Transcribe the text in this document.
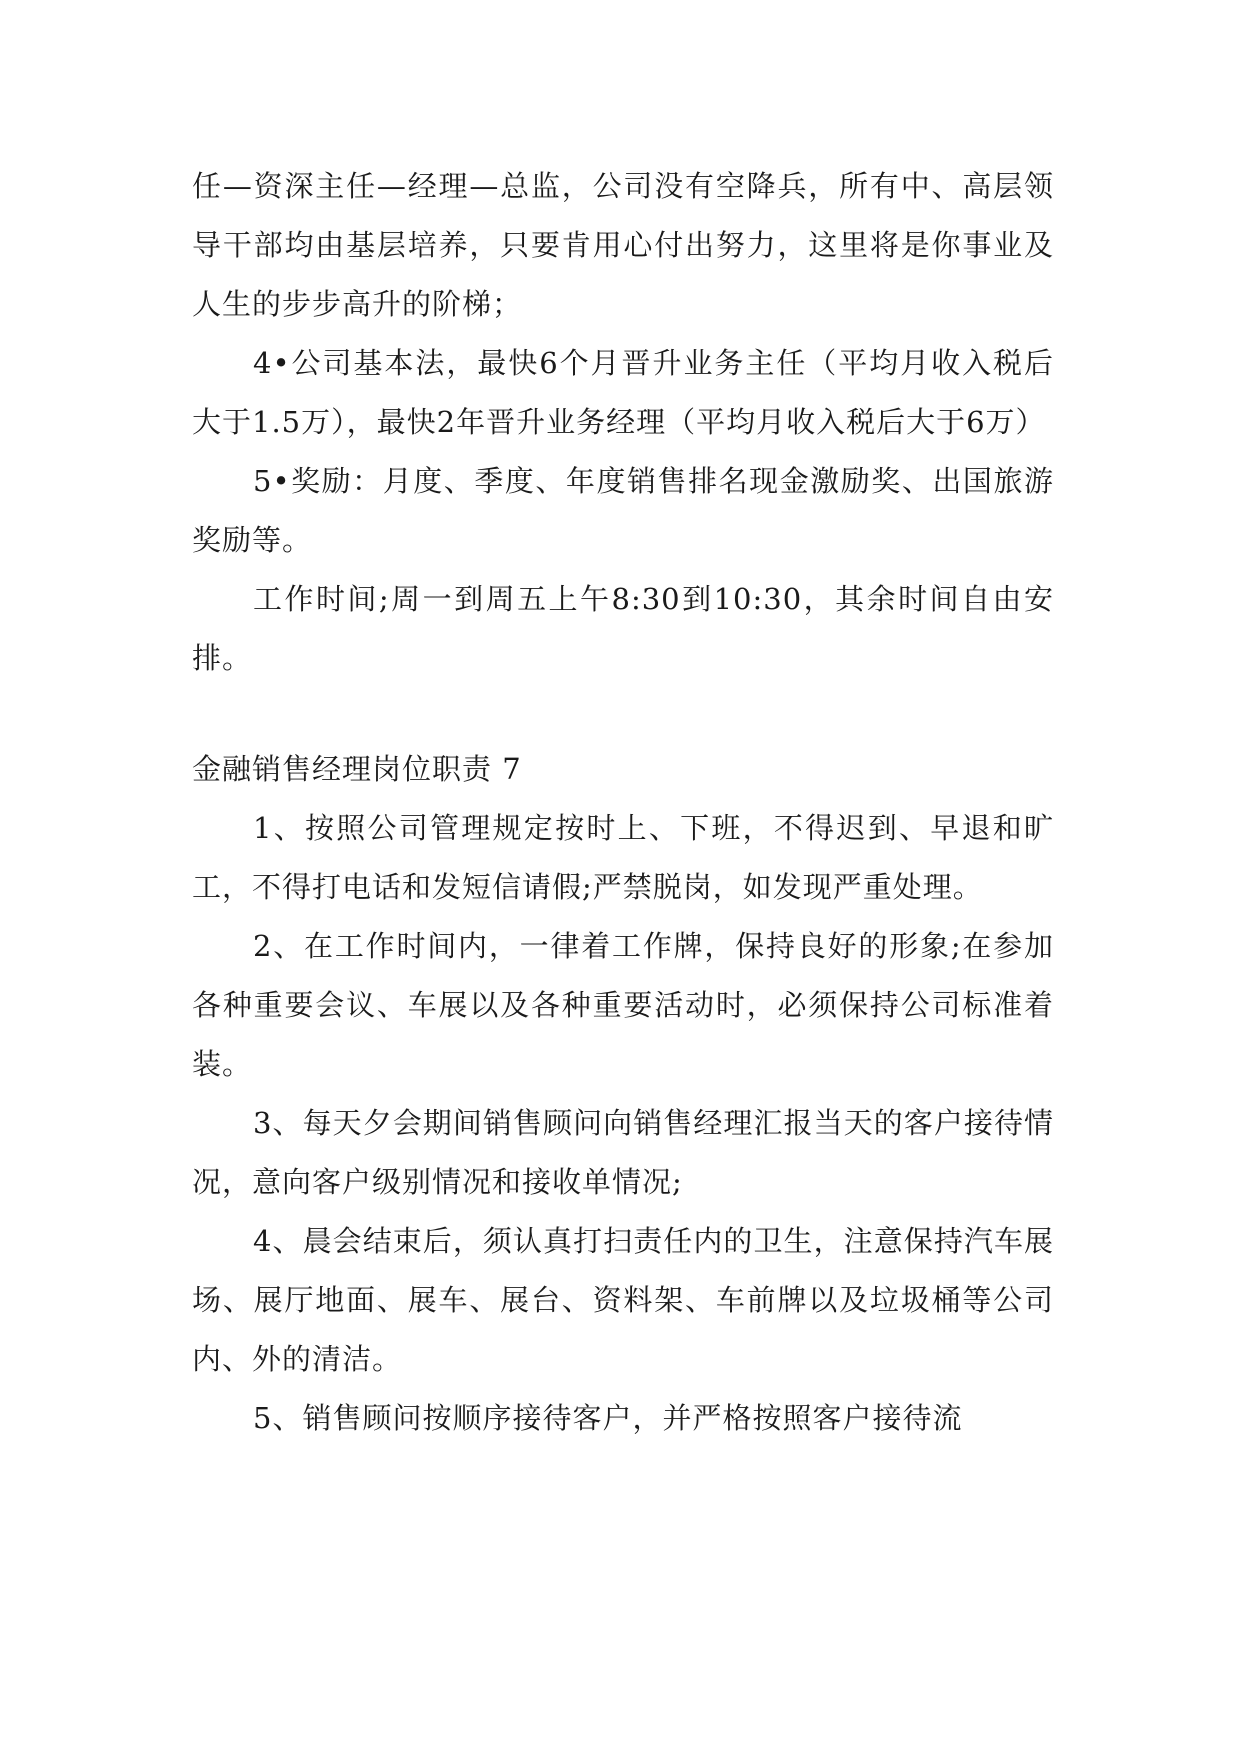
任—资深主任—经理—总监，公司没有空降兵，所有中、高层领导干部均由基层培养，只要肯用心付出努力，这里将是你事业及人生的步步高升的阶梯；

4•公司基本法，最快6个月晋升业务主任（平均月收入税后大于1.5万），最快2年晋升业务经理（平均月收入税后大于6万）

5•奖励：月度、季度、年度销售排名现金激励奖、出国旅游奖励等。

工作时间;周一到周五上午8:30到10:30，其余时间自由安排。

金融销售经理岗位职责 7

1、按照公司管理规定按时上、下班，不得迟到、早退和旷工，不得打电话和发短信请假;严禁脱岗，如发现严重处理。

2、在工作时间内，一律着工作牌，保持良好的形象;在参加各种重要会议、车展以及各种重要活动时，必须保持公司标准着装。

3、每天夕会期间销售顾问向销售经理汇报当天的客户接待情况，意向客户级别情况和接收单情况;

4、晨会结束后，须认真打扫责任内的卫生，注意保持汽车展场、展厅地面、展车、展台、资料架、车前牌以及垃圾桶等公司内、外的清洁。

5、销售顾问按顺序接待客户，并严格按照客户接待流
